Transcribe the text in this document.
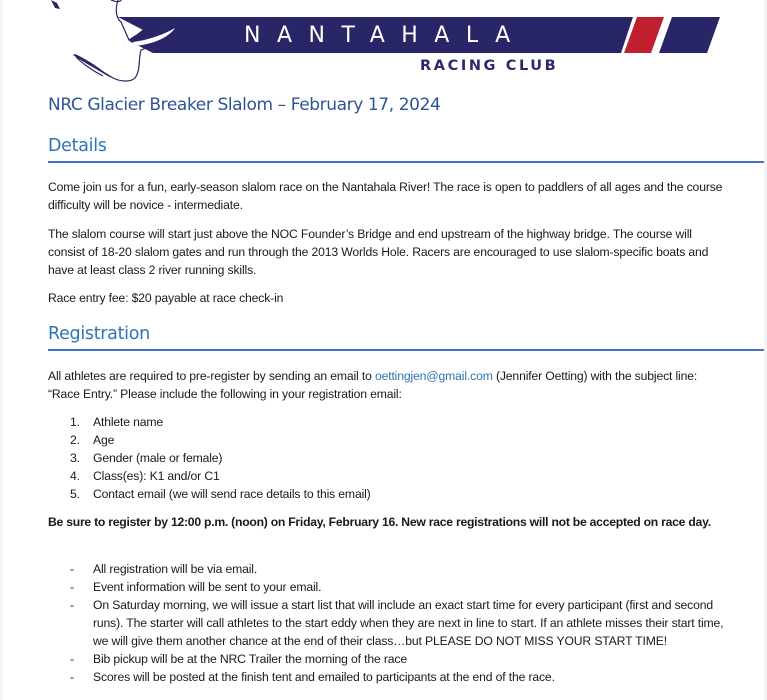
NANTAHALA
RACING CLUB
NRC Glacier Breaker Slalom – February 17, 2024
Details

Come join us for a fun, early-season slalom race on the Nantahala River! The race is open to paddlers of all ages and the course difficulty will be novice - intermediate.

The slalom course will start just above the NOC Founder’s Bridge and end upstream of the highway bridge. The course will consist of 18-20 slalom gates and run through the 2013 Worlds Hole. Racers are encouraged to use slalom-specific boats and have at least class 2 river running skills.

Race entry fee: $20 payable at race check-in

Registration

All athletes are required to pre-register by sending an email to oettingjen@gmail.com (Jennifer Oetting) with the subject line: “Race Entry.” Please include the following in your registration email:

1. Athlete name
2. Age
3. Gender (male or female)
4. Class(es): K1 and/or C1
5. Contact email (we will send race details to this email)

Be sure to register by 12:00 p.m. (noon) on Friday, February 16. New race registrations will not be accepted on race day.

- All registration will be via email.
- Event information will be sent to your email.
- On Saturday morning, we will issue a start list that will include an exact start time for every participant (first and second runs). The starter will call athletes to the start eddy when they are next in line to start. If an athlete misses their start time, we will give them another chance at the end of their class…but PLEASE DO NOT MISS YOUR START TIME!
- Bib pickup will be at the NRC Trailer the morning of the race
- Scores will be posted at the finish tent and emailed to participants at the end of the race.
